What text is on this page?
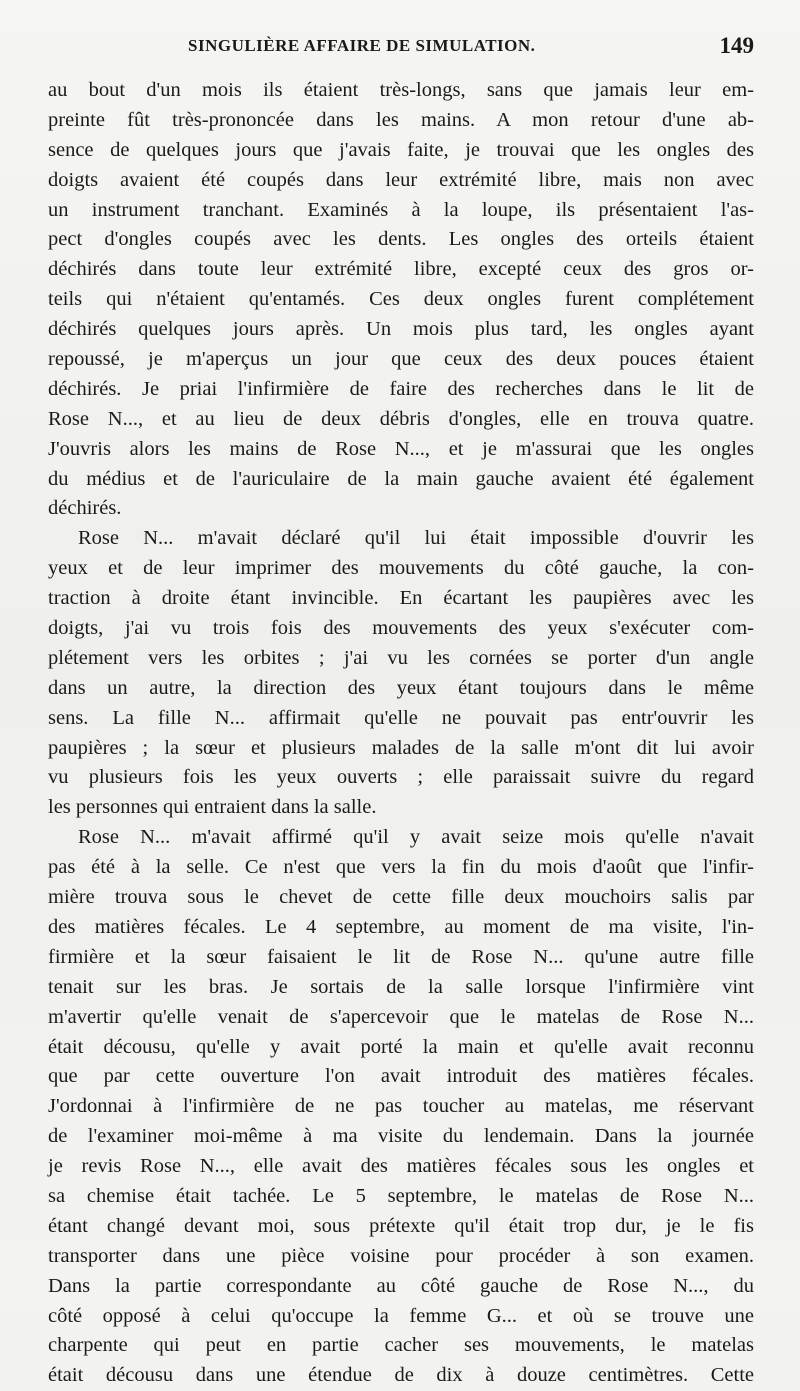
SINGULIÈRE AFFAIRE DE SIMULATION.	149
au bout d'un mois ils étaient très-longs, sans que jamais leur em-
preinte fût très-prononcée dans les mains. A mon retour d'une ab-
sence de quelques jours que j'avais faite, je trouvai que les ongles des
doigts avaient été coupés dans leur extrémité libre, mais non avec
un instrument tranchant. Examinés à la loupe, ils présentaient l'as-
pect d'ongles coupés avec les dents. Les ongles des orteils étaient
déchirés dans toute leur extrémité libre, excepté ceux des gros or-
teils qui n'étaient qu'entamés. Ces deux ongles furent complétement
déchirés quelques jours après. Un mois plus tard, les ongles ayant
repoussé, je m'aperçus un jour que ceux des deux pouces étaient
déchirés. Je priai l'infirmière de faire des recherches dans le lit de
Rose N..., et au lieu de deux débris d'ongles, elle en trouva quatre.
J'ouvris alors les mains de Rose N..., et je m'assurai que les ongles
du médius et de l'auriculaire de la main gauche avaient été également
déchirés.
Rose N... m'avait déclaré qu'il lui était impossible d'ouvrir les
yeux et de leur imprimer des mouvements du côté gauche, la con-
traction à droite étant invincible. En écartant les paupières avec les
doigts, j'ai vu trois fois des mouvements des yeux s'exécuter com-
plétement vers les orbites ; j'ai vu les cornées se porter d'un angle
dans un autre, la direction des yeux étant toujours dans le même
sens. La fille N... affirmait qu'elle ne pouvait pas entr'ouvrir les
paupières ; la sœur et plusieurs malades de la salle m'ont dit lui avoir
vu plusieurs fois les yeux ouverts ; elle paraissait suivre du regard
les personnes qui entraient dans la salle.
Rose N... m'avait affirmé qu'il y avait seize mois qu'elle n'avait
pas été à la selle. Ce n'est que vers la fin du mois d'août que l'infir-
mière trouva sous le chevet de cette fille deux mouchoirs salis par
des matières fécales. Le 4 septembre, au moment de ma visite, l'in-
firmière et la sœur faisaient le lit de Rose N... qu'une autre fille
tenait sur les bras. Je sortais de la salle lorsque l'infirmière vint
m'avertir qu'elle venait de s'apercevoir que le matelas de Rose N...
était décousu, qu'elle y avait porté la main et qu'elle avait reconnu
que par cette ouverture l'on avait introduit des matières fécales.
J'ordonnai à l'infirmière de ne pas toucher au matelas, me réservant
de l'examiner moi-même à ma visite du lendemain. Dans la journée
je revis Rose N..., elle avait des matières fécales sous les ongles et
sa chemise était tachée. Le 5 septembre, le matelas de Rose N...
étant changé devant moi, sous prétexte qu'il était trop dur, je le fis
transporter dans une pièce voisine pour procéder à son examen.
Dans la partie correspondante au côté gauche de Rose N..., du
côté opposé à celui qu'occupe la femme G... et où se trouve une
charpente qui peut en partie cacher ses mouvements, le matelas
était décousu dans une étendue de dix à douze centimètres. Cette
